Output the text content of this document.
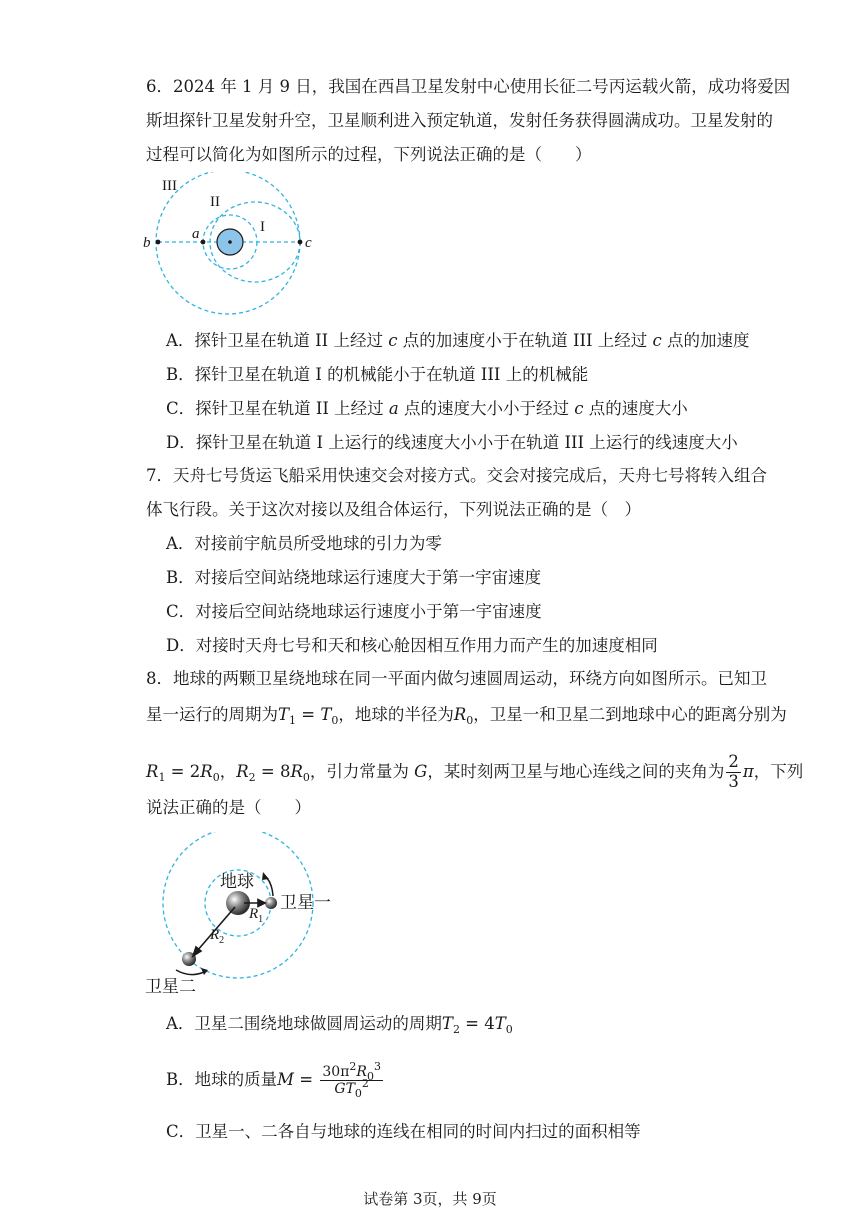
6．2024 年 1 月 9 日，我国在西昌卫星发射中心使用长征二号丙运载火箭，成功将爱因
斯坦探针卫星发射升空，卫星顺利进入预定轨道，发射任务获得圆满成功。卫星发射的
过程可以简化为如图所示的过程，下列说法正确的是（　　）
III
II
I
a
b	c
A．探针卫星在轨道 II 上经过 c 点的加速度小于在轨道 III 上经过 c 点的加速度
B．探针卫星在轨道 I 的机械能小于在轨道 III 上的机械能
C．探针卫星在轨道 II 上经过 a 点的速度大小小于经过 c 点的速度大小
D．探针卫星在轨道 I 上运行的线速度大小小于在轨道 III 上运行的线速度大小
7．天舟七号货运飞船采用快速交会对接方式。交会对接完成后，天舟七号将转入组合
体飞行段。关于这次对接以及组合体运行，下列说法正确的是（　）
A．对接前宇航员所受地球的引力为零
B．对接后空间站绕地球运行速度大于第一宇宙速度
C．对接后空间站绕地球运行速度小于第一宇宙速度
D．对接时天舟七号和天和核心舱因相互作用力而产生的加速度相同
8．地球的两颗卫星绕地球在同一平面内做匀速圆周运动，环绕方向如图所示。已知卫
星一运行的周期为$T_1 = T_0$，地球的半径为$R_0$，卫星一和卫星二到地球中心的距离分别为
$R_1 = 2R_0$，$R_2 = 8R_0$，引力常量为 G，某时刻两卫星与地心连线之间的夹角为 $\frac{2}{3}$ π，下列
说法正确的是（　　）
地球
卫星一
卫星二
$R_1$
$R_2$
A．卫星二围绕地球做圆周运动的周期$T_2 = 4T_0$
B．地球的质量$M = \frac{30\pi^2R_0^3}{GT_0^2}$
C．卫星一、二各自与地球的连线在相同的时间内扫过的面积相等
试卷第 3页，共 9页
